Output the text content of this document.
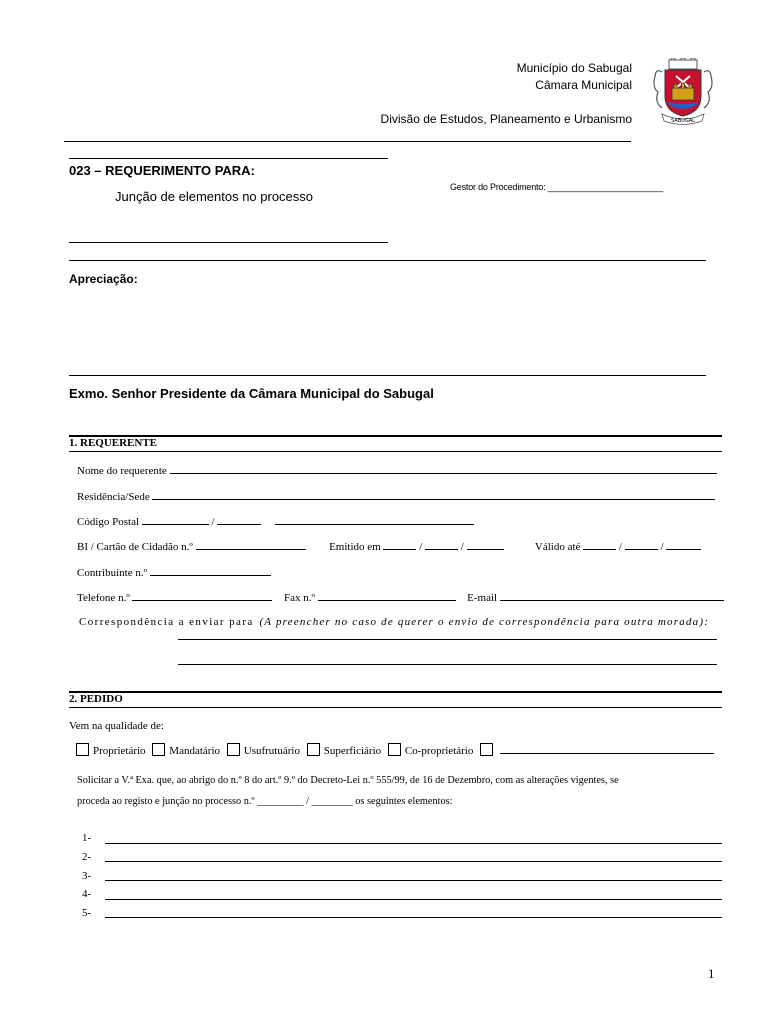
Município do Sabugal
Câmara Municipal
Divisão de Estudos, Planeamento e Urbanismo	SABUGAL
023 – REQUERIMENTO PARA:
Junção de elementos no processo
Gestor do Procedimento: ________________________
Apreciação:
Exmo. Senhor Presidente da Câmara Municipal do Sabugal
1. REQUERENTE
Nome do requerente
Residência/Sede
Código Postal	/
BI / Cartão de Cidadão n.º	Emitido em	/	/	Válido até	/	/
Contribuinte n.º
Telefone n.º	Fax n.º	E-mail
Correspondência a enviar para (A preencher no caso de querer o envio de correspondência para outra morada):
2. PEDIDO
Vem na qualidade de:
Proprietário Mandatário Usufrutuário Superficiário Co-proprietário
Solicitar a V.ª Exa. que, ao abrigo do n.º 8 do art.º 9.º do Decreto-Lei n.º 555/99, de 16 de Dezembro, com as alterações vigentes, se
proceda ao registo e junção no processo n.º _________ / ________ os seguintes elementos:
1-
2-
3-
4-
5-
1
